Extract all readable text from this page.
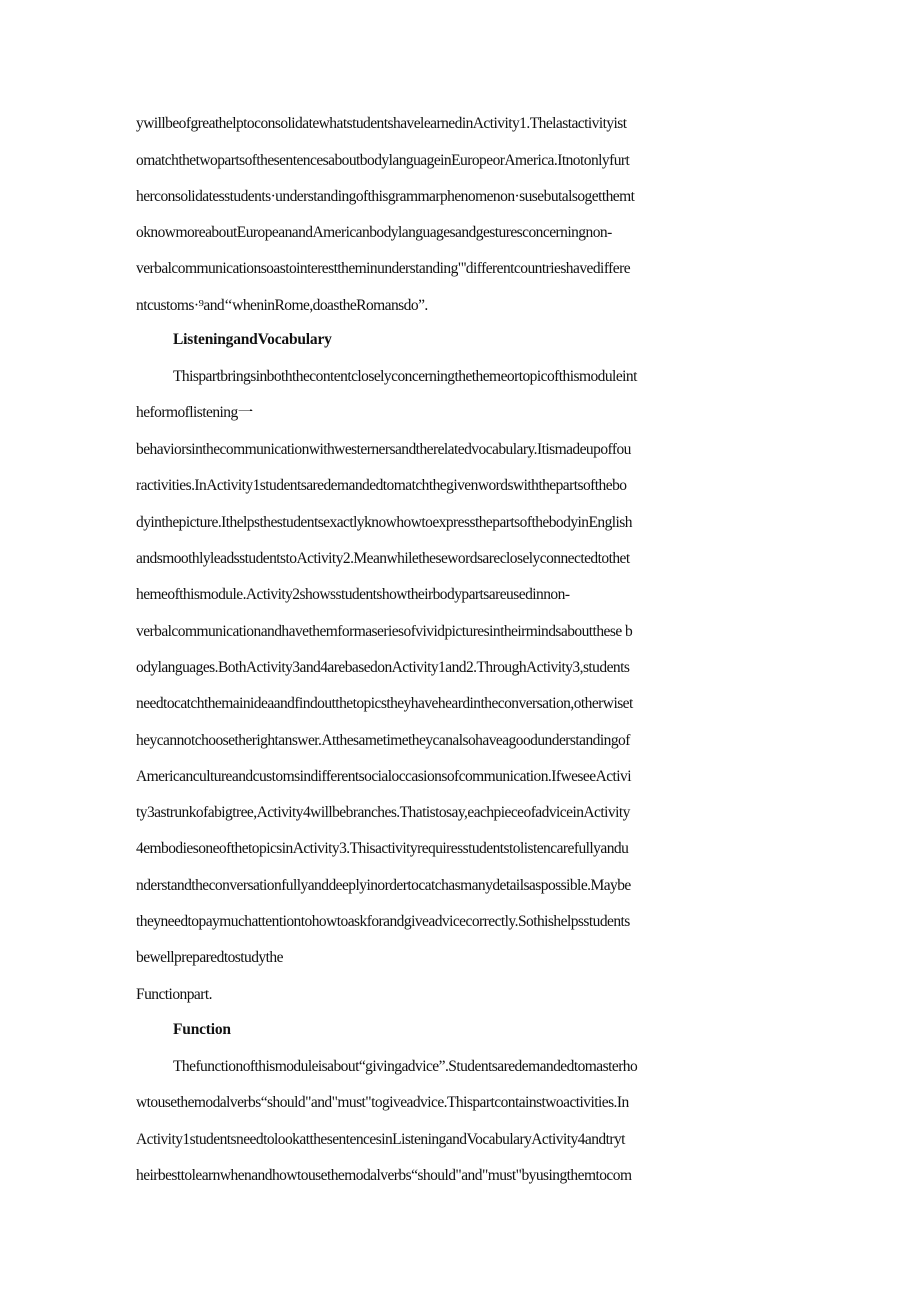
ywillbeofgreathelptoconsolidatewhatstudentshavelearnedinActivity1.Thelastactivityist
omatchthetwopartsofthesentencesaboutbodylanguageinEuropeorAmerica.Itnotonlyfurt
herconsolidatesstudents·understandingofthisgrammarphenomenon·susebutalsogetthemt
oknowmoreaboutEuropeanandAmericanbodylanguagesandgesturesconcerningnon-
verbalcommunicationsoastointeresttheminunderstanding"'differentcountrieshavediffere
ntcustoms·⁹and‘‘wheninRome,doastheRomansdo”.
ListeningandVocabulary
Thispartbringsinboththecontentcloselyconcerningthethemeortopicofthismoduleint
heformoflistening一
behaviorsinthecommunicationwithwesternersandtherelatedvocabulary.Itismadeupoffou
ractivities.InActivity1studentsaredemandedtomatchthegivenwordswiththepartsofthebo
dyinthepicture.IthelpsthestudentsexactlyknowhowtoexpressthepartsofthebodyinEnglish
andsmoothlyleadsstudentstoActivity2.Meanwhilethesewordsarecloselyconnectedtothet
hemeofthismodule.Activity2showsstudentshowtheirbodypartsareusedinnon-
verbalcommunicationandhavethemformaseriesofvividpicturesintheirmindsaboutthese b
odylanguages.BothActivity3and4arebasedonActivity1and2.ThroughActivity3,students
needtocatchthemainideaandfindoutthetopicstheyhaveheardintheconversation,otherwiset
heycannotchoosetherightanswer.Atthesametimetheycanalsohaveagoodunderstandingof
Americancultureandcustomsindifferentsocialoccasionsofcommunication.IfweseeActivi
ty3astrunkofabigtree,Activity4willbebranches.Thatistosay,eachpieceofadviceinActivity
4embodiesoneofthetopicsinActivity3.Thisactivityrequiresstudentstolistencarefullyandu
nderstandtheconversationfullyanddeeplyinordertocatchasmanydetailsaspossible.Maybe
theyneedtopaymuchattentiontohowtoaskforandgiveadvicecorrectly.Sothishelpsstudents
bewellpreparedtostudythe
Functionpart.
Function
Thefunctionofthismoduleisabout“givingadvice”.Studentsaredemandedtomasterho
wtousethemodalverbs“should"and"must"togiveadvice.Thispartcontainstwoactivities.In
Activity1studentsneedtolookatthesentencesinListeningandVocabularyActivity4andtryt
heirbesttolearnwhenandhowtousethemodalverbs“should"and"must"byusingthemtocom
